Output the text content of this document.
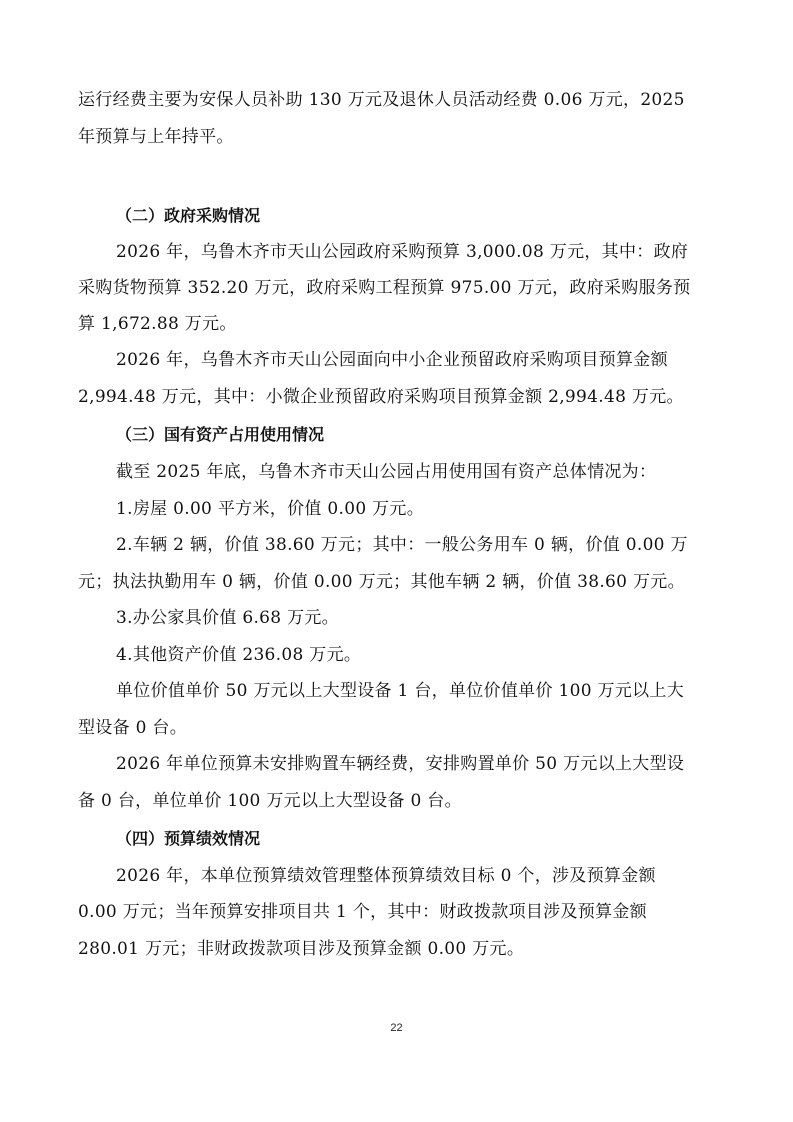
运行经费主要为安保人员补助 130 万元及退休人员活动经费 0.06 万元，2025
年预算与上年持平。
（二）政府采购情况
2026 年，乌鲁木齐市天山公园政府采购预算 3,000.08 万元，其中：政府
采购货物预算 352.20 万元，政府采购工程预算 975.00 万元，政府采购服务预
算 1,672.88 万元。
2026 年，乌鲁木齐市天山公园面向中小企业预留政府采购项目预算金额
2,994.48 万元，其中：小微企业预留政府采购项目预算金额 2,994.48 万元。
（三）国有资产占用使用情况
截至 2025 年底，乌鲁木齐市天山公园占用使用国有资产总体情况为：
1.房屋 0.00 平方米，价值 0.00 万元。
2.车辆 2 辆，价值 38.60 万元；其中：一般公务用车 0 辆，价值 0.00 万
元；执法执勤用车 0 辆，价值 0.00 万元；其他车辆 2 辆，价值 38.60 万元。
3.办公家具价值 6.68 万元。
4.其他资产价值 236.08 万元。
单位价值单价 50 万元以上大型设备 1 台，单位价值单价 100 万元以上大
型设备 0 台。
2026 年单位预算未安排购置车辆经费，安排购置单价 50 万元以上大型设
备 0 台，单位单价 100 万元以上大型设备 0 台。
（四）预算绩效情况
2026 年，本单位预算绩效管理整体预算绩效目标 0 个，涉及预算金额
0.00 万元；当年预算安排项目共 1 个，其中：财政拨款项目涉及预算金额
280.01 万元；非财政拨款项目涉及预算金额 0.00 万元。
22
